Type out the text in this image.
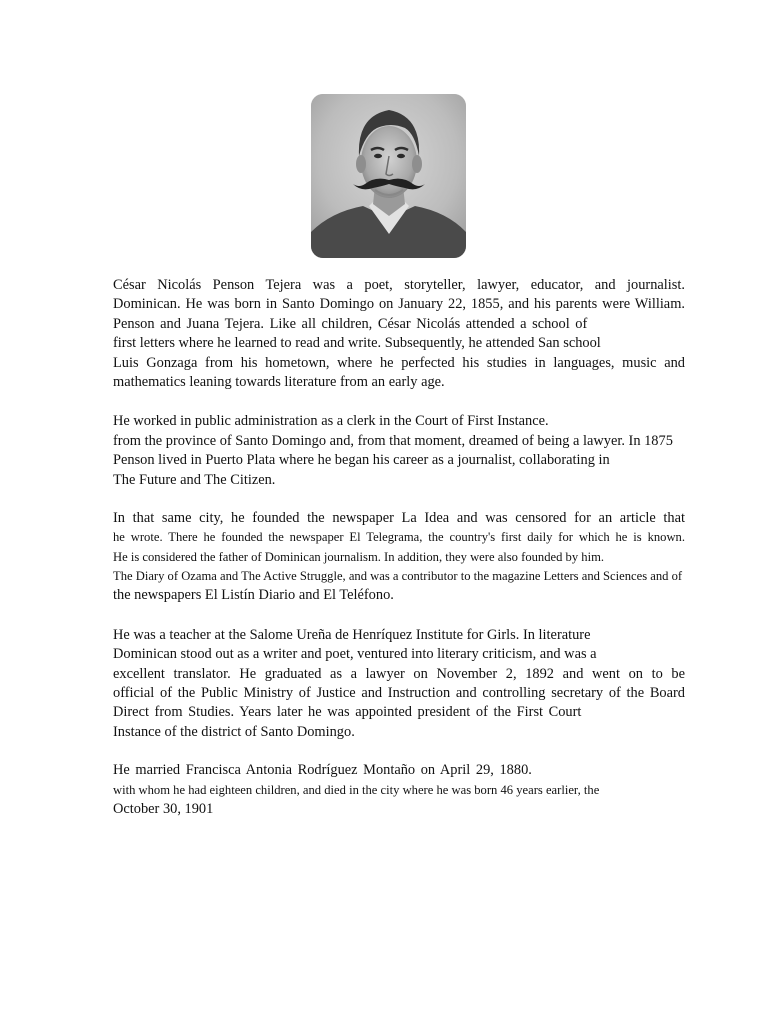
César Nicolás Penson Tejera was a poet, storyteller, lawyer, educator, and journalist.
Dominican. He was born in Santo Domingo on January 22, 1855, and his parents were William.
Penson and Juana Tejera. Like all children, César Nicolás attended a school of
first letters where he learned to read and write. Subsequently, he attended San school
Luis Gonzaga from his hometown, where he perfected his studies in languages, music and
mathematics leaning towards literature from an early age.
He worked in public administration as a clerk in the Court of First Instance.
from the province of Santo Domingo and, from that moment, dreamed of being a lawyer. In 1875
Penson lived in Puerto Plata where he began his career as a journalist, collaborating in
The Future and The Citizen.
In that same city, he founded the newspaper La Idea and was censored for an article that
he wrote. There he founded the newspaper El Telegrama, the country's first daily for which he is known.
He is considered the father of Dominican journalism. In addition, they were also founded by him.
The Diary of Ozama and The Active Struggle, and was a contributor to the magazine Letters and Sciences and of
the newspapers El Listín Diario and El Teléfono.
He was a teacher at the Salome Ureña de Henríquez Institute for Girls. In literature
Dominican stood out as a writer and poet, ventured into literary criticism, and was a
excellent translator. He graduated as a lawyer on November 2, 1892 and went on to be
official of the Public Ministry of Justice and Instruction and controlling secretary of the Board
Direct from Studies. Years later he was appointed president of the First Court
Instance of the district of Santo Domingo.
He married Francisca Antonia Rodríguez Montaño on April 29, 1880.
with whom he had eighteen children, and died in the city where he was born 46 years earlier, the
October 30, 1901
